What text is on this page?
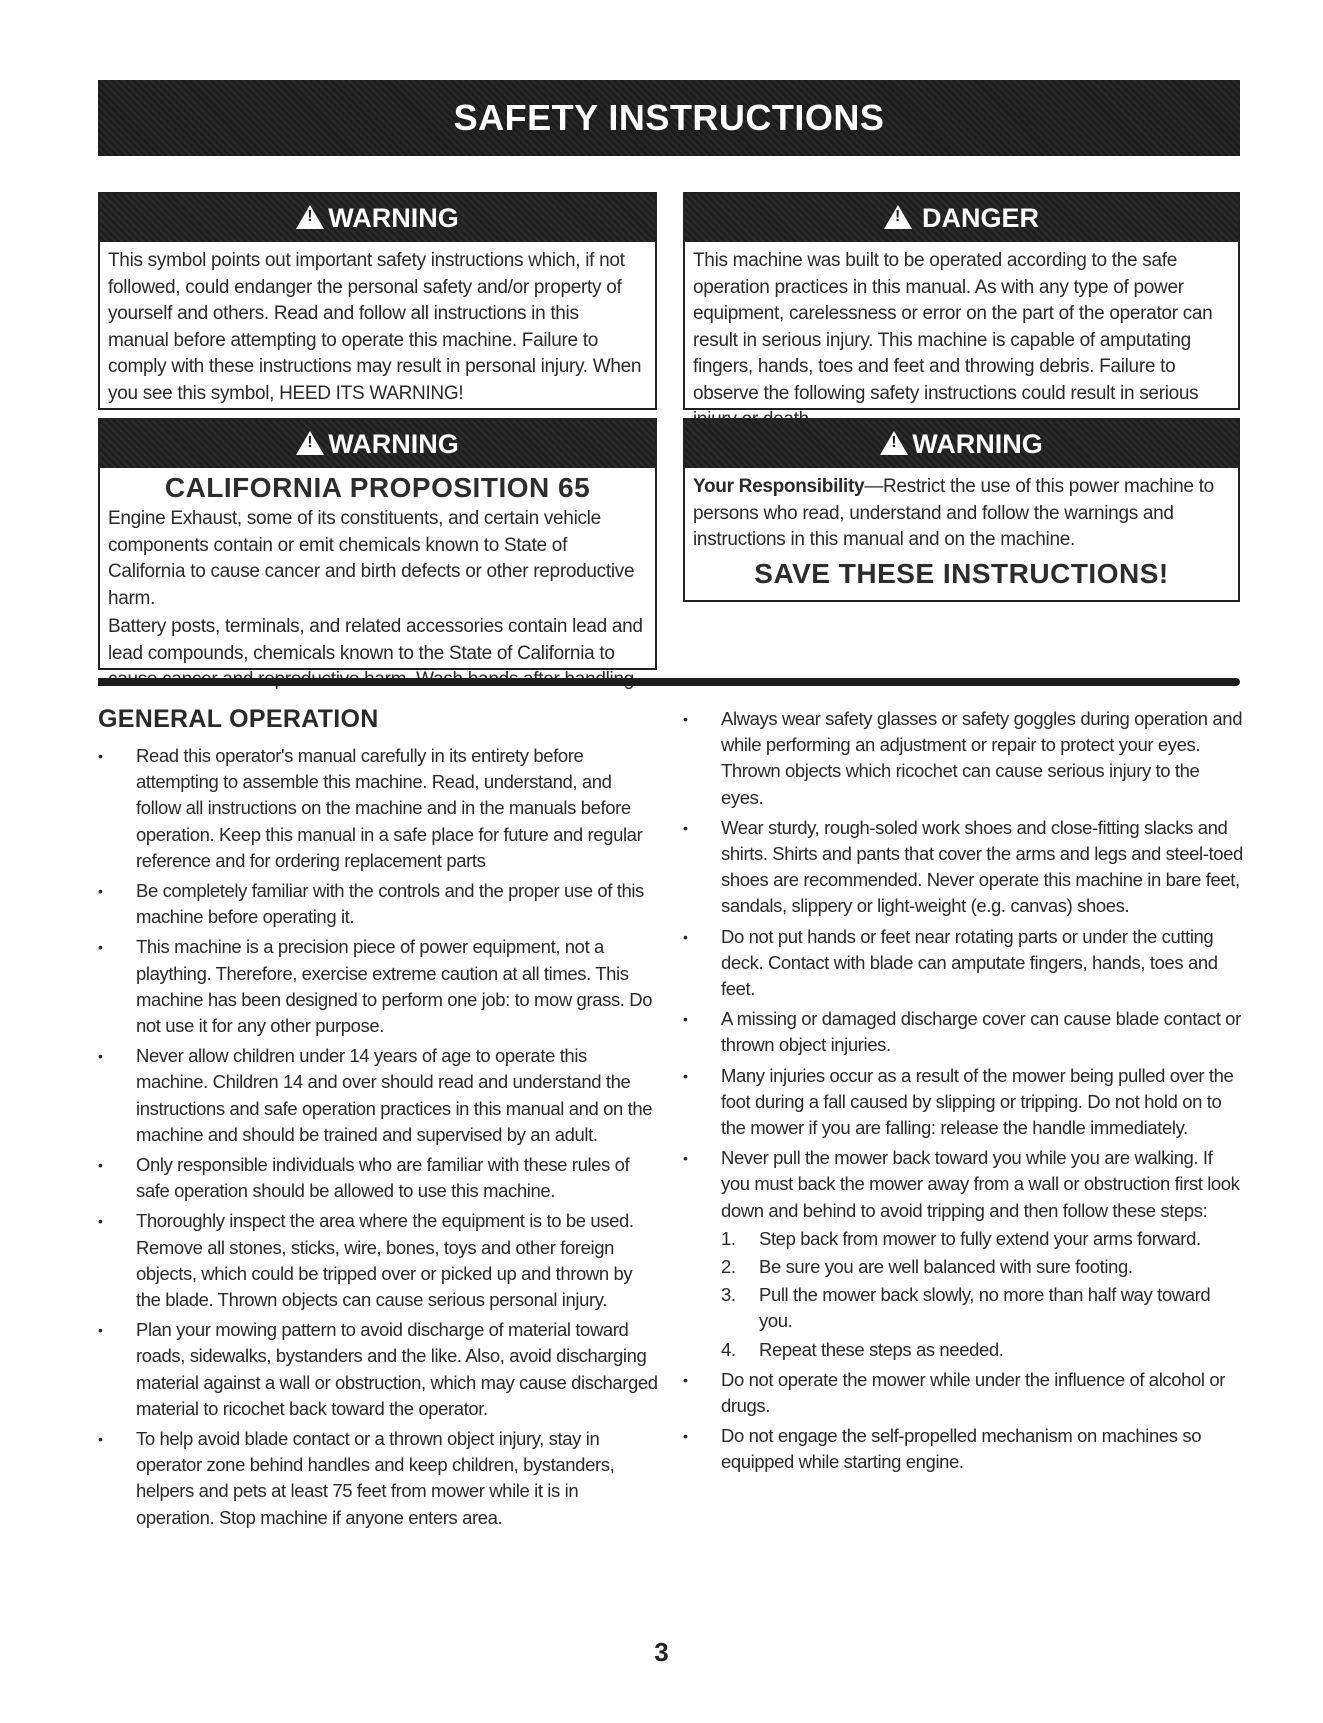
SAFETY INSTRUCTIONS
!
WARNING
This symbol points out important safety instructions which, if not followed, could endanger the personal safety and/or property of yourself and others. Read and follow all instructions in this manual before attempting to operate this machine. Failure to comply with these instructions may result in personal injury. When you see this symbol, HEED ITS WARNING!
!
DANGER
This machine was built to be operated according to the safe operation practices in this manual. As with any type of power equipment, carelessness or error on the part of the operator can result in serious injury. This machine is capable of amputating fingers, hands, toes and feet and throwing debris. Failure to observe the following safety instructions could result in serious
!
WARNING
CALIFORNIA PROPOSITION 65
Engine Exhaust, some of its constituents, and certain vehicle components contain or emit chemicals known to State of California to cause cancer and birth defects or other reproductive harm.
Battery posts, terminals, and related accessories contain lead and lead compounds, chemicals known to the State of California to
!
WARNING
Your Responsibility—Restrict the use of this power machine to persons who read, understand and follow the warnings and instructions in this manual and on the machine.
SAVE THESE INSTRUCTIONS!
GENERAL OPERATION
• Read this operator's manual carefully in its entirety before attempting to assemble this machine. Read, understand, and follow all instructions on the machine and in the manuals before operation. Keep this manual in a safe place for future and regular reference and for ordering replacement parts
• Be completely familiar with the controls and the proper use of this machine before operating it.
• This machine is a precision piece of power equipment, not a plaything. Therefore, exercise extreme caution at all times. This machine has been designed to perform one job: to mow grass. Do not use it for any other purpose.
• Never allow children under 14 years of age to operate this machine. Children 14 and over should read and understand the instructions and safe operation practices in this manual and on the machine and should be trained and supervised by an adult.
• Only responsible individuals who are familiar with these rules of safe operation should be allowed to use this machine.
• Thoroughly inspect the area where the equipment is to be used. Remove all stones, sticks, wire, bones, toys and other foreign objects, which could be tripped over or picked up and thrown by the blade. Thrown objects can cause serious personal injury.
• Plan your mowing pattern to avoid discharge of material toward roads, sidewalks, bystanders and the like. Also, avoid discharging material against a wall or obstruction, which may cause discharged material to ricochet back toward the operator.
• To help avoid blade contact or a thrown object injury, stay in operator zone behind handles and keep children, bystanders, helpers and pets at least 75 feet from mower while it is in operation. Stop machine if anyone enters area.
• Always wear safety glasses or safety goggles during operation and while performing an adjustment or repair to protect your eyes. Thrown objects which ricochet can cause serious injury to the eyes.
• Wear sturdy, rough-soled work shoes and close-fitting slacks and shirts. Shirts and pants that cover the arms and legs and steel-toed shoes are recommended. Never operate this machine in bare feet, sandals, slippery or light-weight (e.g. canvas) shoes.
• Do not put hands or feet near rotating parts or under the cutting deck. Contact with blade can amputate fingers, hands, toes and feet.
• A missing or damaged discharge cover can cause blade contact or thrown object injuries.
• Many injuries occur as a result of the mower being pulled over the foot during a fall caused by slipping or tripping. Do not hold on to the mower if you are falling: release the handle immediately.
• Never pull the mower back toward you while you are walking. If you must back the mower away from a wall or obstruction first look down and behind to avoid tripping and then follow these steps:
1. Step back from mower to fully extend your arms forward.
2. Be sure you are well balanced with sure footing.
3. Pull the mower back slowly, no more than half way toward you.
4. Repeat these steps as needed.
• Do not operate the mower while under the influence of alcohol or drugs.
• Do not engage the self-propelled mechanism on machines so equipped while starting engine.
3
